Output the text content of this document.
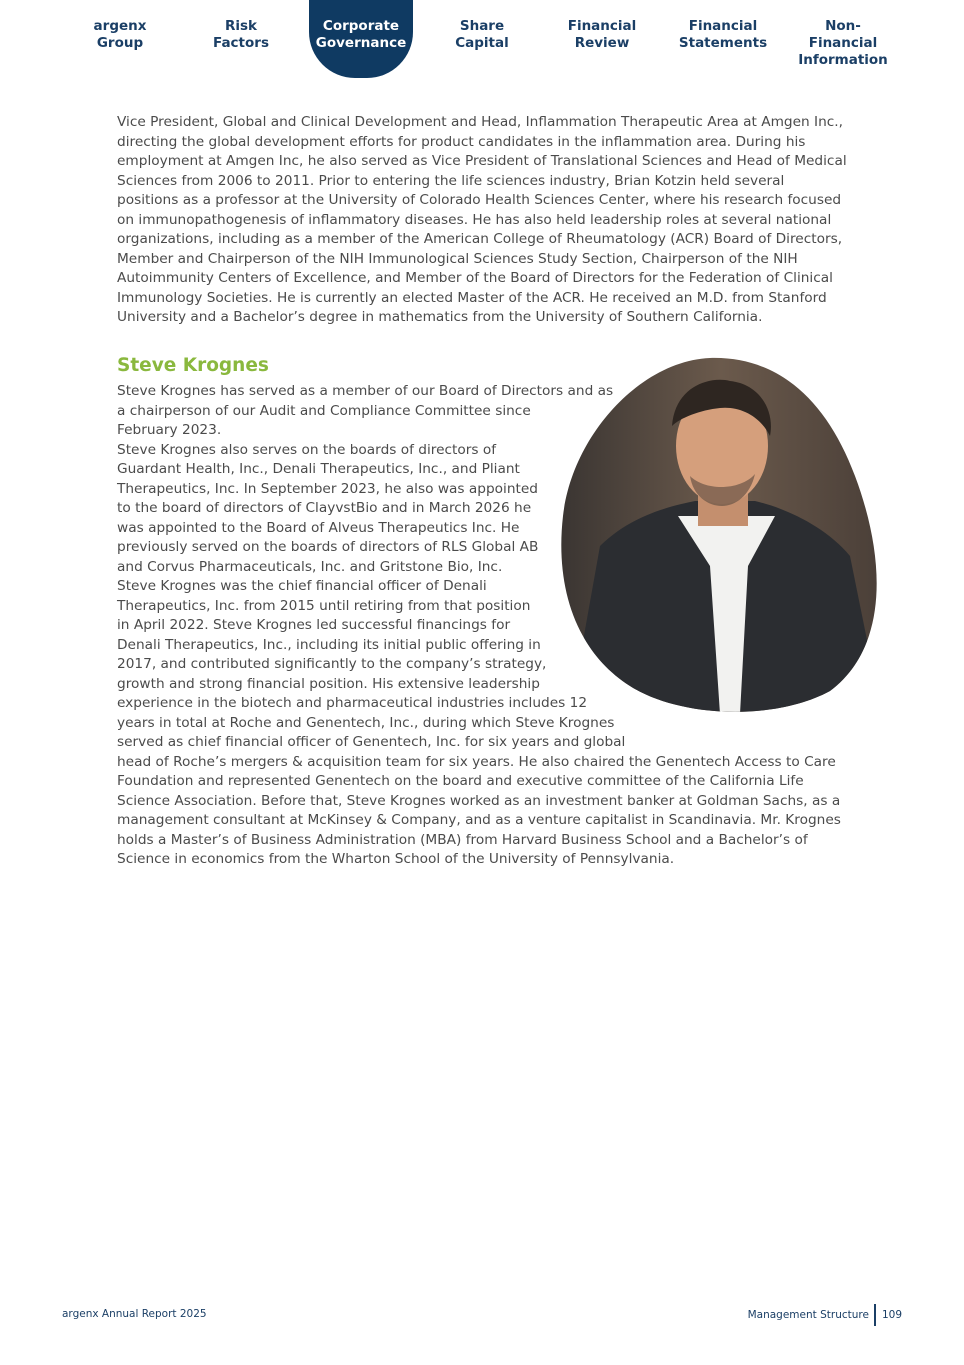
argenx
Group
Risk
Factors
Corporate
Governance
Share
Capital
Financial
Review
Financial
Statements
Non-Financial
Information

Vice President, Global and Clinical Development and Head, Inflammation Therapeutic Area at Amgen Inc., directing the global development efforts for product candidates in the inflammation area. During his employment at Amgen Inc, he also served as Vice President of Translational Sciences and Head of Medical Sciences from 2006 to 2011. Prior to entering the life sciences industry, Brian Kotzin held several positions as a professor at the University of Colorado Health Sciences Center, where his research focused on immunopathogenesis of inflammatory diseases. He has also held leadership roles at several national organizations, including as a member of the American College of Rheumatology (ACR) Board of Directors, Member and Chairperson of the NIH Immunological Sciences Study Section, Chairperson of the NIH Autoimmunity Centers of Excellence, and Member of the Board of Directors for the Federation of Clinical Immunology Societies. He is currently an elected Master of the ACR. He received an M.D. from Stanford University and a Bachelor’s degree in mathematics from the University of Southern California.

Steve Krognes

Steve Krognes has served as a member of our Board of Directors and as a chairperson of our Audit and Compliance Committee since February 2023.
Steve Krognes also serves on the boards of directors of Guardant Health, Inc., Denali Therapeutics, Inc., and Pliant Therapeutics, Inc. In September 2023, he also was appointed to the board of directors of ClayvstBio and in March 2026 he was appointed to the Board of Alveus Therapeutics Inc. He previously served on the boards of directors of RLS Global AB and Corvus Pharmaceuticals, Inc. and Gritstone Bio, Inc. Steve Krognes was the chief financial officer of Denali Therapeutics, Inc. from 2015 until retiring from that position in April 2022. Steve Krognes led successful financings for Denali Therapeutics, Inc., including its initial public offering in 2017, and contributed significantly to the company’s strategy, growth and strong financial position. His extensive leadership experience in the biotech and pharmaceutical industries includes 12 years in total at Roche and Genentech, Inc., during which Steve Krognes served as chief financial officer of Genentech, Inc. for six years and global head of Roche’s mergers & acquisition team for six years. He also chaired the Genentech Access to Care Foundation and represented Genentech on the board and executive committee of the California Life Science Association. Before that, Steve Krognes worked as an investment banker at Goldman Sachs, as a management consultant at McKinsey & Company, and as a venture capitalist in Scandinavia. Mr. Krognes holds a Master’s of Business Administration (MBA) from Harvard Business School and a Bachelor’s of Science in economics from the Wharton School of the University of Pennsylvania.

argenx Annual Report 2025	Management Structure 109
